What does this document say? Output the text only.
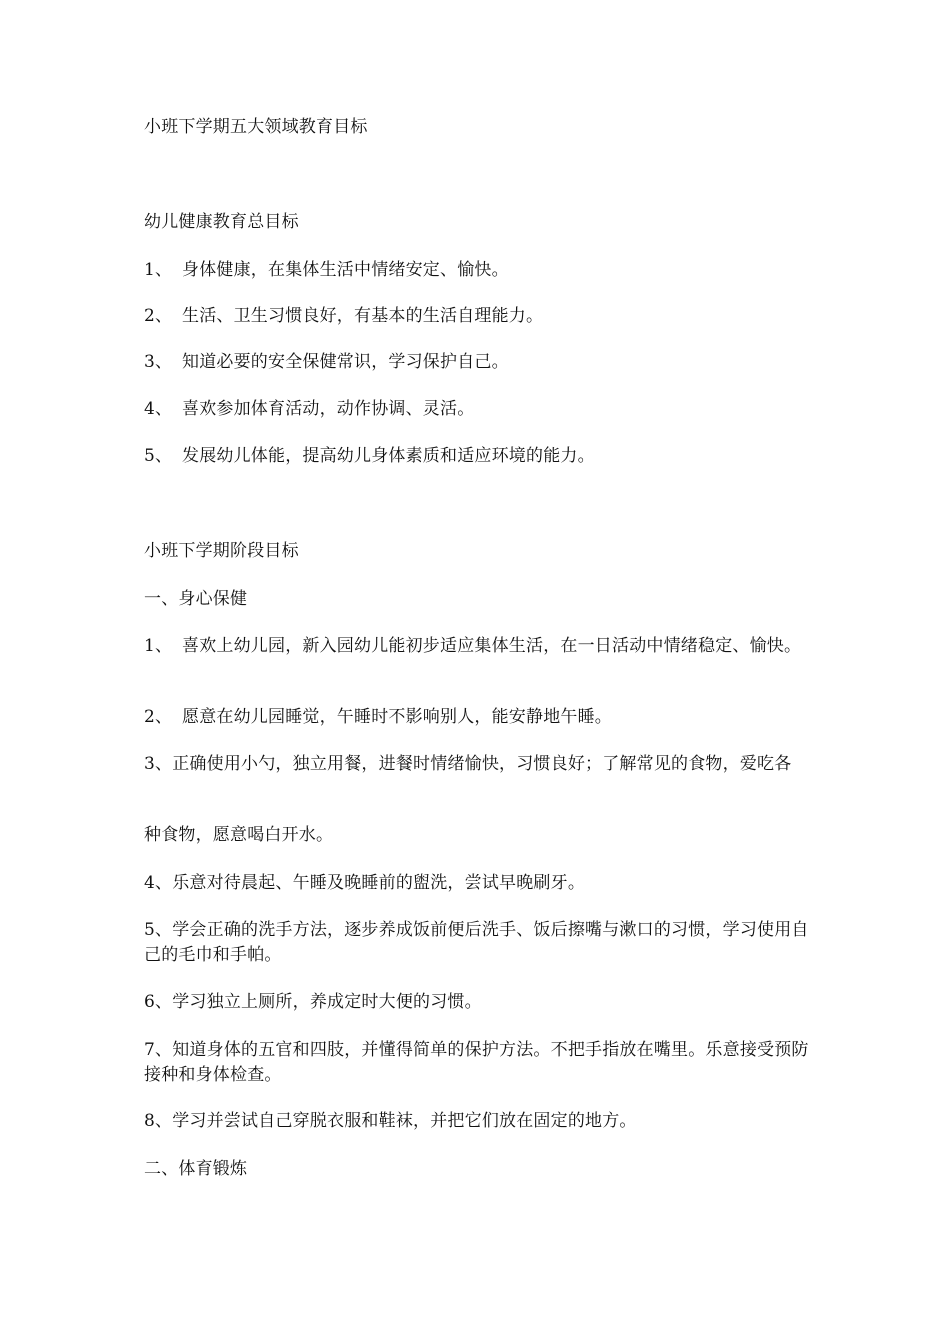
小班下学期五大领域教育目标
幼儿健康教育总目标
1、 身体健康，在集体生活中情绪安定、愉快。
2、 生活、卫生习惯良好，有基本的生活自理能力。
3、 知道必要的安全保健常识，学习保护自己。
4、 喜欢参加体育活动，动作协调、灵活。
5、 发展幼儿体能，提高幼儿身体素质和适应环境的能力。
小班下学期阶段目标
一、身心保健
1、 喜欢上幼儿园，新入园幼儿能初步适应集体生活，在一日活动中情绪稳定、愉快。
2、 愿意在幼儿园睡觉，午睡时不影响别人，能安静地午睡。
3、正确使用小勺，独立用餐，进餐时情绪愉快，习惯良好；了解常见的食物，爱吃各
种食物，愿意喝白开水。
4、乐意对待晨起、午睡及晚睡前的盥洗，尝试早晚刷牙。
5、学会正确的洗手方法，逐步养成饭前便后洗手、饭后擦嘴与漱口的习惯，学习使用自己的毛巾和手帕。
6、学习独立上厕所，养成定时大便的习惯。
7、知道身体的五官和四肢，并懂得简单的保护方法。不把手指放在嘴里。乐意接受预防接种和身体检查。
8、学习并尝试自己穿脱衣服和鞋袜，并把它们放在固定的地方。
二、体育锻炼
